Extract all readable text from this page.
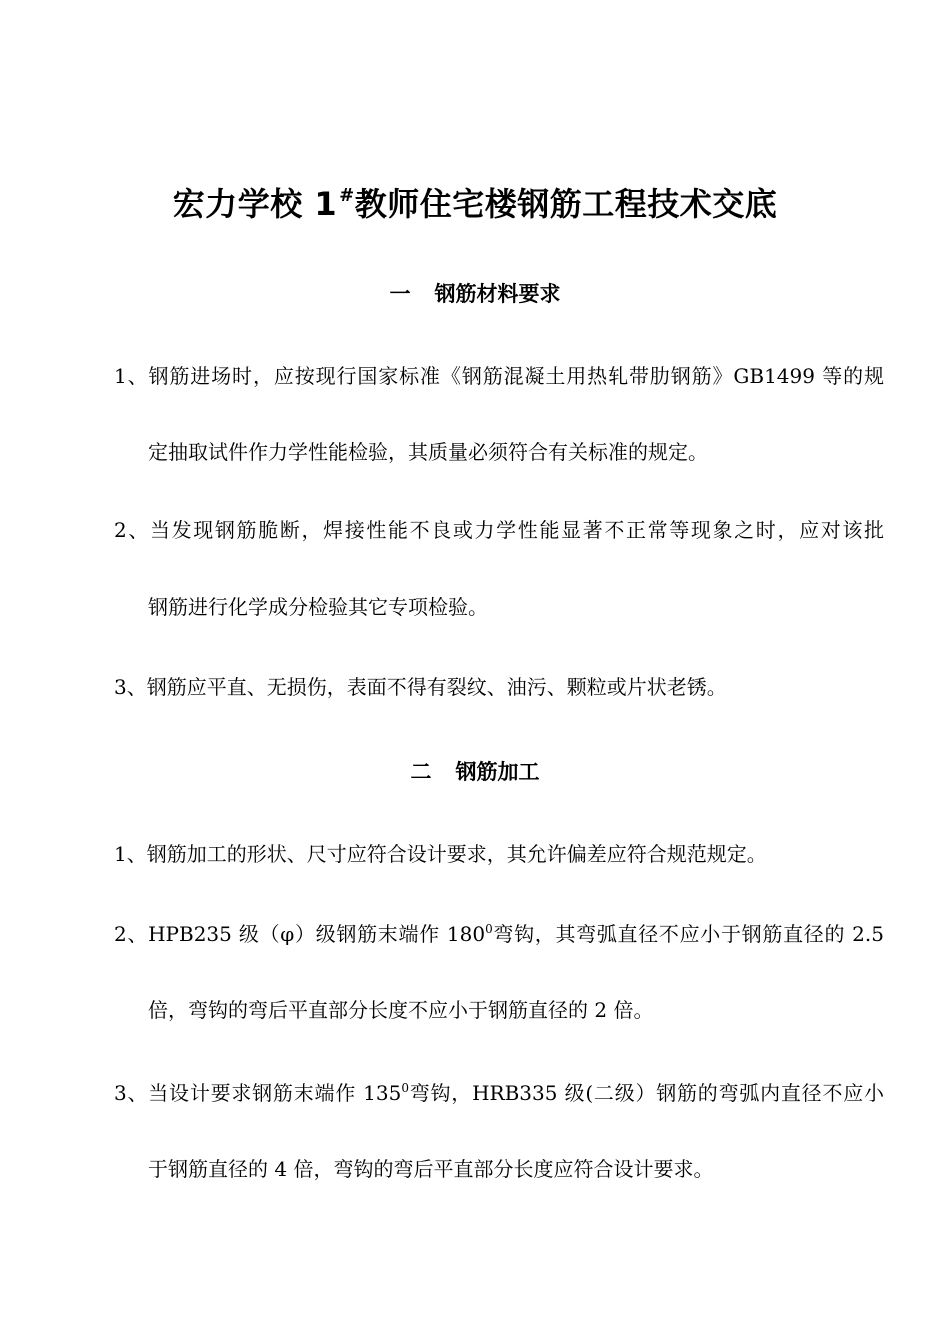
宏力学校 1 #教师住宅楼钢筋工程技术交底
一 钢筋材料要求
1、钢筋进场时，应按现行国家标准《钢筋混凝土用热轧带肋钢筋》GB1499 等的规
定抽取试件作力学性能检验，其质量必须符合有关标准的规定。
2、当发现钢筋脆断，焊接性能不良或力学性能显著不正常等现象之时，应对该批
钢筋进行化学成分检验其它专项检验。
3、钢筋应平直、无损伤，表面不得有裂纹、油污、颗粒或片状老锈。
二 钢筋加工
1、钢筋加工的形状、尺寸应符合设计要求，其允许偏差应符合规范规定。
2、HPB235 级（φ）级钢筋末端作 $180^0$弯钩，其弯弧直径不应小于钢筋直径的 2.5
倍，弯钩的弯后平直部分长度不应小于钢筋直径的 2 倍。
3、当设计要求钢筋末端作 $135^0$弯钩，HRB335 级(二级）钢筋的弯弧内直径不应小
于钢筋直径的 4 倍，弯钩的弯后平直部分长度应符合设计要求。
